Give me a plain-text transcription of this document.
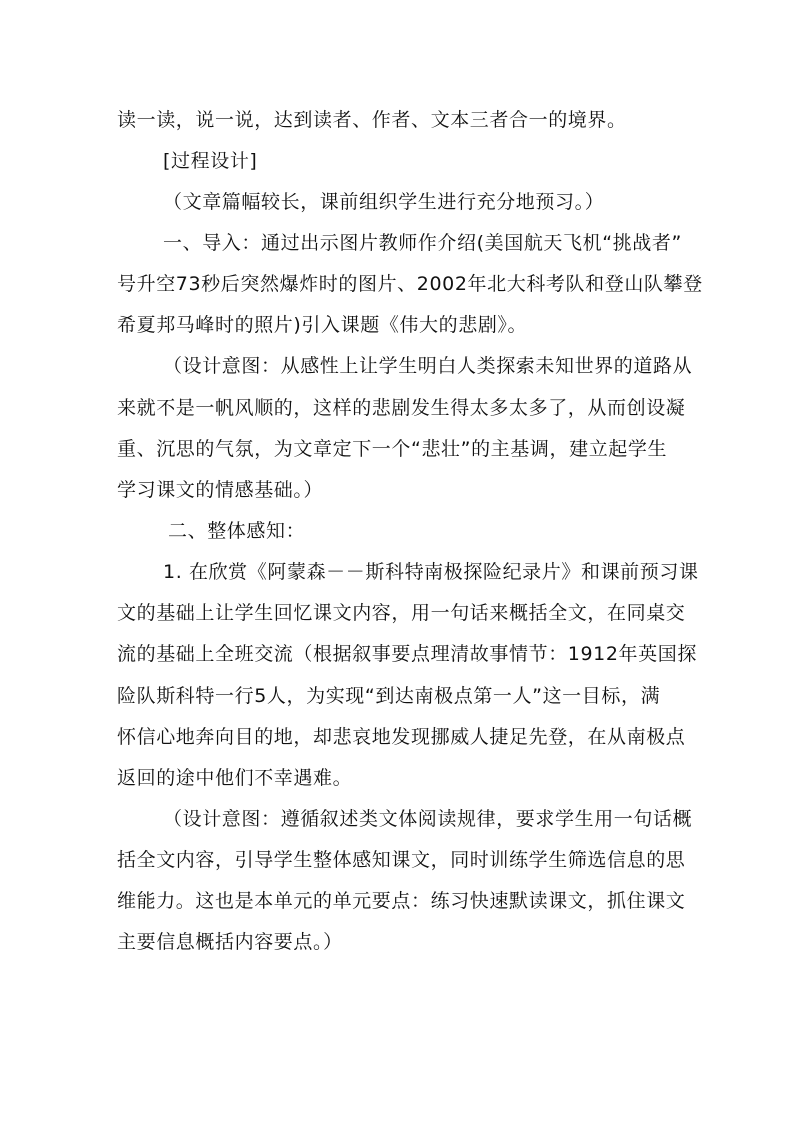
读一读，说一说，达到读者、作者、文本三者合一的境界。
[过程设计]
（文章篇幅较长，课前组织学生进行充分地预习。）
一、导入：通过出示图片教师作介绍(美国航天飞机“挑战者”
号升空73秒后突然爆炸时的图片、2002年北大科考队和登山队攀登
希夏邦马峰时的照片)引入课题《伟大的悲剧》。
（设计意图：从感性上让学生明白人类探索未知世界的道路从
来就不是一帆风顺的，这样的悲剧发生得太多太多了，从而创设凝
重、沉思的气氛，为文章定下一个“悲壮”的主基调，建立起学生
学习课文的情感基础。）
二、整体感知：
1. 在欣赏《阿蒙森－－斯科特南极探险纪录片》和课前预习课
文的基础上让学生回忆课文内容，用一句话来概括全文，在同桌交
流的基础上全班交流（根据叙事要点理清故事情节：1912年英国探
险队斯科特一行5人，为实现“到达南极点第一人”这一目标，满
怀信心地奔向目的地，却悲哀地发现挪威人捷足先登，在从南极点
返回的途中他们不幸遇难。
（设计意图：遵循叙述类文体阅读规律，要求学生用一句话概
括全文内容，引导学生整体感知课文，同时训练学生筛选信息的思
维能力。这也是本单元的单元要点：练习快速默读课文，抓住课文
主要信息概括内容要点。）
